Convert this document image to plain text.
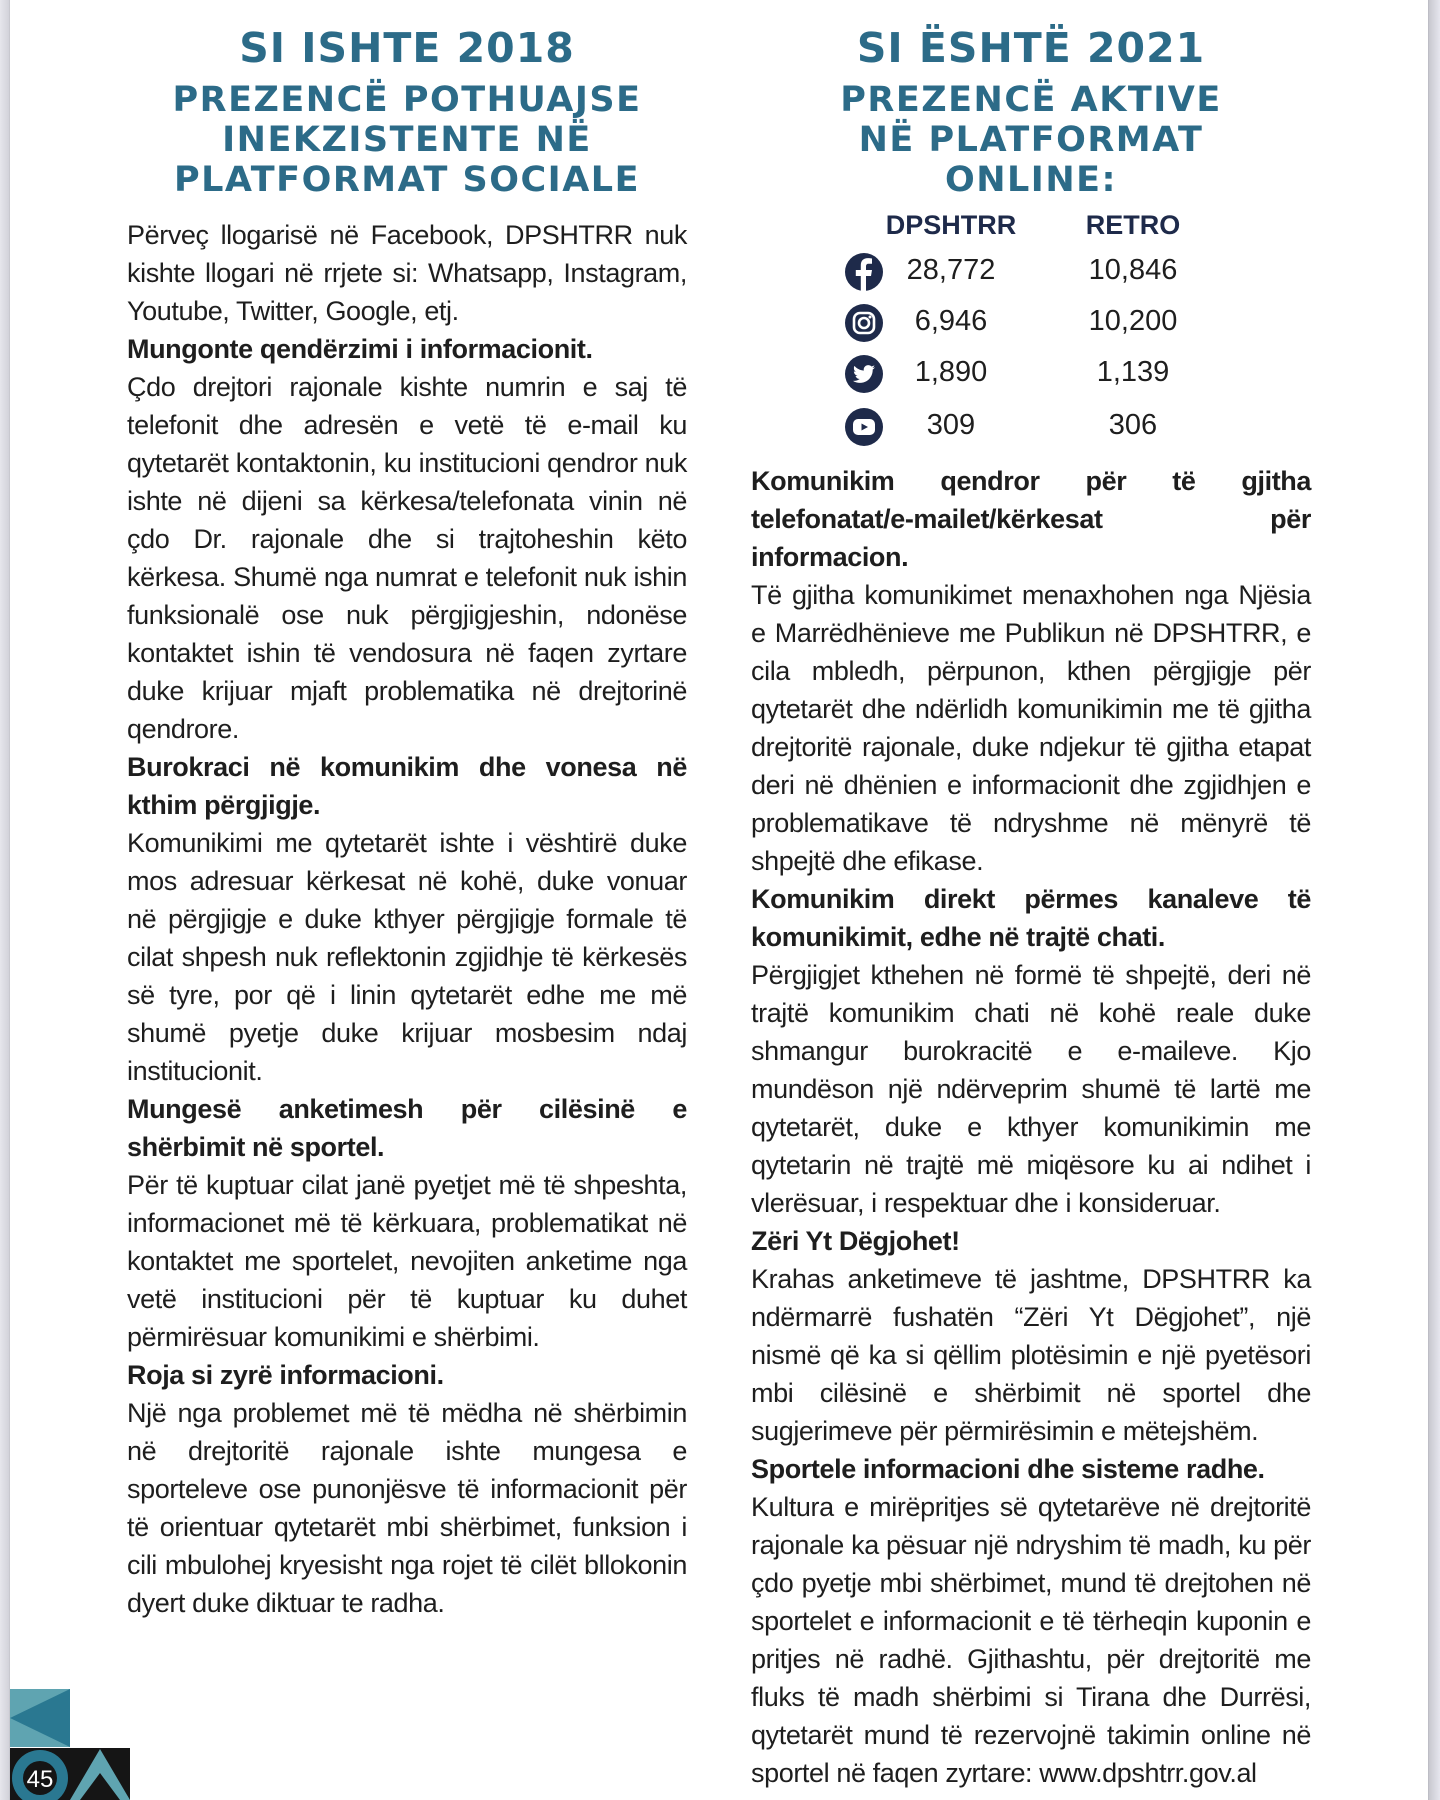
SI ISHTE 2018
PREZENCË POTHUAJSE
INEKZISTENTE NË
PLATFORMAT SOCIALE

Përveç llogarisë në Facebook, DPSHTRR nuk kishte llogari në rrjete si: Whatsapp, Instagram, Youtube, Twitter, Google, etj.

Mungonte qendërzimi i informacionit.

Çdo drejtori rajonale kishte numrin e saj të telefonit dhe adresën e vetë të e-mail ku qytetarët kontaktonin, ku institucioni qendror nuk ishte në dijeni sa kërkesa/telefonata vinin në çdo Dr. rajonale dhe si trajtoheshin këto kërkesa. Shumë nga numrat e telefonit nuk ishin funksionalë ose nuk përgjigjeshin, ndonëse kontaktet ishin të vendosura në faqen zyrtare duke krijuar mjaft problematika në drejtorinë qendrore.

Burokraci në komunikim dhe vonesa në kthim përgjigje.

Komunikimi me qytetarët ishte i vështirë duke mos adresuar kërkesat në kohë, duke vonuar në përgjigje e duke kthyer përgjigje formale të cilat shpesh nuk reflektonin zgjidhje të kërkesës së tyre, por që i linin qytetarët edhe me më shumë pyetje duke krijuar mosbesim ndaj institucionit.

Mungesë anketimesh për cilësinë e shërbimit në sportel.

Për të kuptuar cilat janë pyetjet më të shpeshta, informacionet më të kërkuara, problematikat në kontaktet me sportelet, nevojiten anketime nga vetë institucioni për të kuptuar ku duhet përmirësuar komunikimi e shërbimi.

Roja si zyrë informacioni.

Një nga problemet më të mëdha në shërbimin në drejtoritë rajonale ishte mungesa e sporteleve ose punonjësve të informacionit për të orientuar qytetarët mbi shërbimet, funksion i cili mbulohej kryesisht nga rojet të cilët bllokonin dyert duke diktuar te radha.

SI ËSHTË 2021
PREZENCË AKTIVE
NË PLATFORMAT
ONLINE:
DPSHTRR	RETRO
28,772	10,846
6,946	10,200
1,890	1,139
309	306

Komunikim qendror për të gjitha telefonatat/e-mailet/kërkesat për informacion.

Të gjitha komunikimet menaxhohen nga Njësia e Marrëdhënieve me Publikun në DPSHTRR, e cila mbledh, përpunon, kthen përgjigje për qytetarët dhe ndërlidh komunikimin me të gjitha drejtoritë rajonale, duke ndjekur të gjitha etapat deri në dhënien e informacionit dhe zgjidhjen e problematikave të ndryshme në mënyrë të shpejtë dhe efikase.

Komunikim direkt përmes kanaleve të komunikimit, edhe në trajtë chati.

Përgjigjet kthehen në formë të shpejtë, deri në trajtë komunikim chati në kohë reale duke shmangur burokracitë e e-maileve. Kjo mundëson një ndërveprim shumë të lartë me qytetarët, duke e kthyer komunikimin me qytetarin në trajtë më miqësore ku ai ndihet i vlerësuar, i respektuar dhe i konsideruar.

Zëri Yt Dëgjohet!

Krahas anketimeve të jashtme, DPSHTRR ka ndërmarrë fushatën “Zëri Yt Dëgjohet”, një nismë që ka si qëllim plotësimin e një pyetësori mbi cilësinë e shërbimit në sportel dhe sugjerimeve për përmirësimin e mëtejshëm.

Sportele informacioni dhe sisteme radhe.

Kultura e mirëpritjes së qytetarëve në drejtoritë rajonale ka pësuar një ndryshim të madh, ku për çdo pyetje mbi shërbimet, mund të drejtohen në sportelet e informacionit e të tërheqin kuponin e pritjes në radhë. Gjithashtu, për drejtoritë me fluks të madh shërbimi si Tirana dhe Durrësi, qytetarët mund të rezervojnë takimin online në sportel në faqen zyrtare: www.dpshtrr.gov.al

45
